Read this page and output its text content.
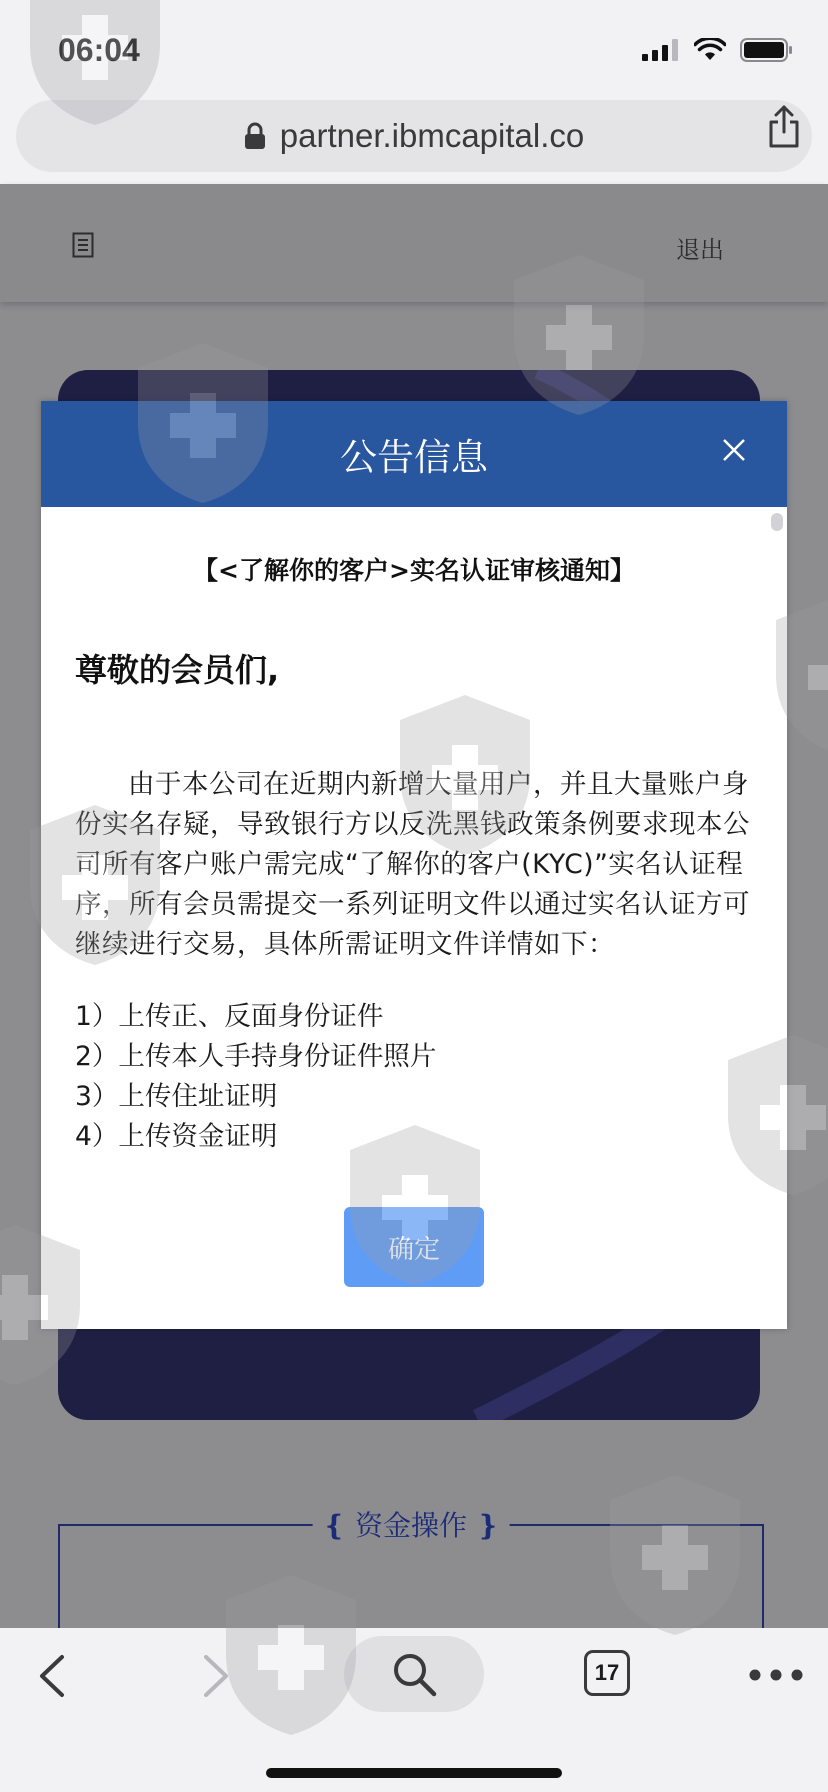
06:04
partner.ibmcapital.co
退出
❴ 资金操作 ❵
公告信息
【<了解你的客户>实名认证审核通知】
尊敬的会员们,
由于本公司在近期内新增大量用户，并且大量账户身份实名存疑，导致银行方以反洗黑钱政策条例要求现本公司所有客户账户需完成“了解你的客户(KYC)”实名认证程序，所有会员需提交一系列证明文件以通过实名认证方可继续进行交易，具体所需证明文件详情如下：
1）上传正、反面身份证件
2）上传本人手持身份证件照片
3）上传住址证明
4）上传资金证明
确定
17
